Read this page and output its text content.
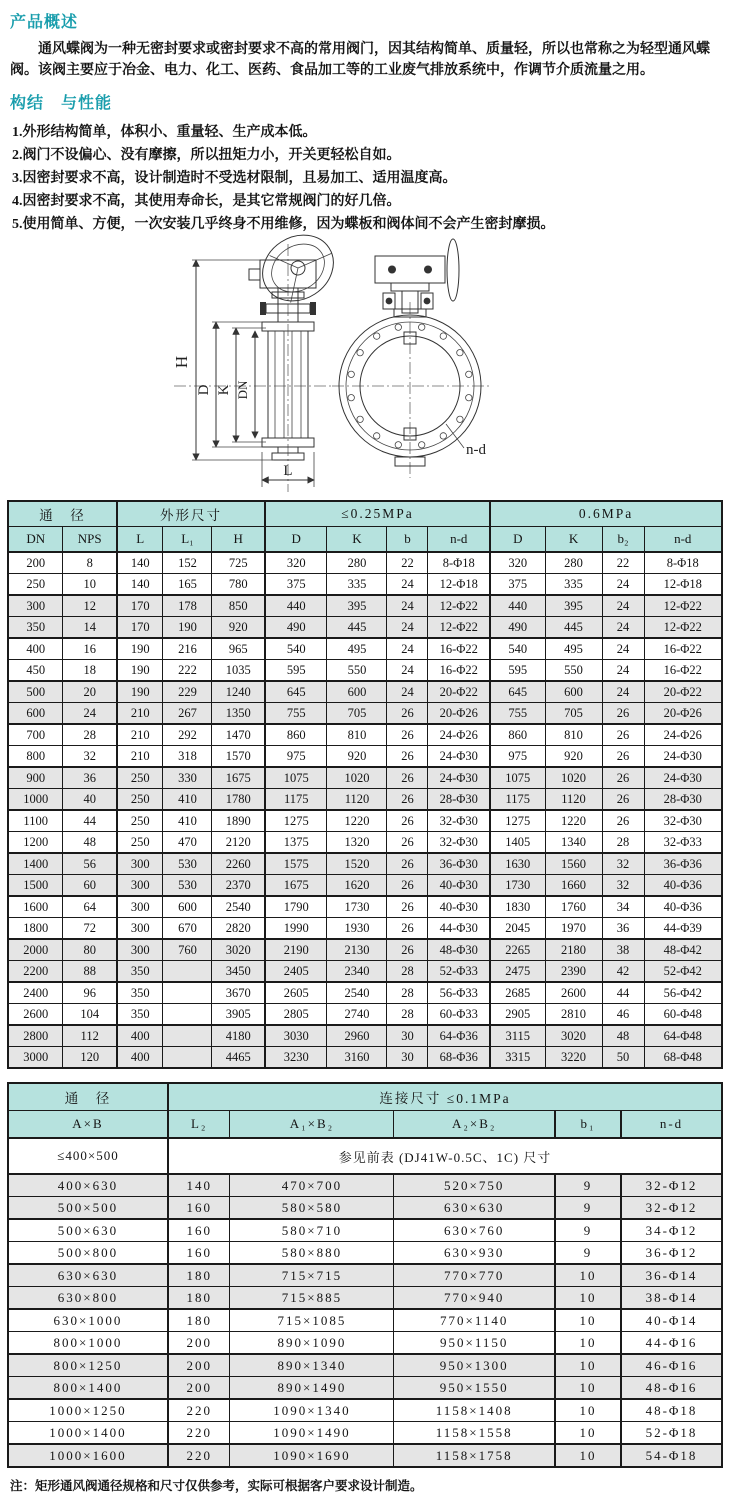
产品概述

通风蝶阀为一种无密封要求或密封要求不高的常用阀门，因其结构简单、质量轻，所以也常称之为轻型通风蝶阀。该阀主要应于冶金、电力、化工、医药、食品加工等的工业废气排放系统中，作调节介质流量之用。

构结　与性能
1.外形结构简单，体积小、重量轻、生产成本低。
2.阀门不设偏心、没有摩擦，所以扭矩力小，开关更轻松自如。
3.因密封要求不高，设计制造时不受选材限制，且易加工、适用温度高。
4.因密封要求不高，其使用寿命长，是其它常规阀门的好几倍。
5.使用简单、方便，一次安装几乎终身不用维修，因为蝶板和阀体间不会产生密封摩损。
H
D K DN
L
n-d
通　径		外形尺寸			≤0.25MPa				0.6MPa			
DN	NPS	L	L₁	H	D	K	b	n-d	D	K	b₂	n-d
200	8	140	152	725	320	280	22	8-Φ18	320	280	22	8-Φ18
250	10	140	165	780	375	335	24	12-Φ18	375	335	24	12-Φ18
300	12	170	178	850	440	395	24	12-Φ22	440	395	24	12-Φ22
350	14	170	190	920	490	445	24	12-Φ22	490	445	24	12-Φ22
400	16	190	216	965	540	495	24	16-Φ22	540	495	24	16-Φ22
450	18	190	222	1035	595	550	24	16-Φ22	595	550	24	16-Φ22
500	20	190	229	1240	645	600	24	20-Φ22	645	600	24	20-Φ22
600	24	210	267	1350	755	705	26	20-Φ26	755	705	26	20-Φ26
700	28	210	292	1470	860	810	26	24-Φ26	860	810	26	24-Φ26
800	32	210	318	1570	975	920	26	24-Φ30	975	920	26	24-Φ30
900	36	250	330	1675	1075	1020	26	24-Φ30	1075	1020	26	24-Φ30
1000	40	250	410	1780	1175	1120	26	28-Φ30	1175	1120	26	28-Φ30
1100	44	250	410	1890	1275	1220	26	32-Φ30	1275	1220	26	32-Φ30
1200	48	250	470	2120	1375	1320	26	32-Φ30	1405	1340	28	32-Φ33
1400	56	300	530	2260	1575	1520	26	36-Φ30	1630	1560	32	36-Φ36
1500	60	300	530	2370	1675	1620	26	40-Φ30	1730	1660	32	40-Φ36
1600	64	300	600	2540	1790	1730	26	40-Φ30	1830	1760	34	40-Φ36
1800	72	300	670	2820	1990	1930	26	44-Φ30	2045	1970	36	44-Φ39
2000	80	300	760	3020	2190	2130	26	48-Φ30	2265	2180	38	48-Φ42
2200	88	350		3450	2405	2340	28	52-Φ33	2475	2390	42	52-Φ42
2400	96	350		3670	2605	2540	28	56-Φ33	2685	2600	44	56-Φ42
2600	104	350		3905	2805	2740	28	60-Φ33	2905	2810	46	60-Φ48
2800	112	400		4180	3030	2960	30	64-Φ36	3115	3020	48	64-Φ48
3000	120	400		4465	3230	3160	30	68-Φ36	3315	3220	50	68-Φ48
通　径	连接尺寸 ≤0.1MPa				
A×B	L₂	A₁×B₂	A₂×B₂	b₁	n-d
≤400×500	参见前表 (DJ41W-0.5C、1C) 尺寸				
400×630	140	470×700	520×750	9	32-Φ12
500×500	160	580×580	630×630	9	32-Φ12
500×630	160	580×710	630×760	9	34-Φ12
500×800	160	580×880	630×930	9	36-Φ12
630×630	180	715×715	770×770	10	36-Φ14
630×800	180	715×885	770×940	10	38-Φ14
630×1000	180	715×1085	770×1140	10	40-Φ14
800×1000	200	890×1090	950×1150	10	44-Φ16
800×1250	200	890×1340	950×1300	10	46-Φ16
800×1400	200	890×1490	950×1550	10	48-Φ16
1000×1250	220	1090×1340	1158×1408	10	48-Φ18
1000×1400	220	1090×1490	1158×1558	10	52-Φ18
1000×1600	220	1090×1690	1158×1758	10	54-Φ18

注：矩形通风阀通径规格和尺寸仅供参考，实际可根据客户要求设计制造。
